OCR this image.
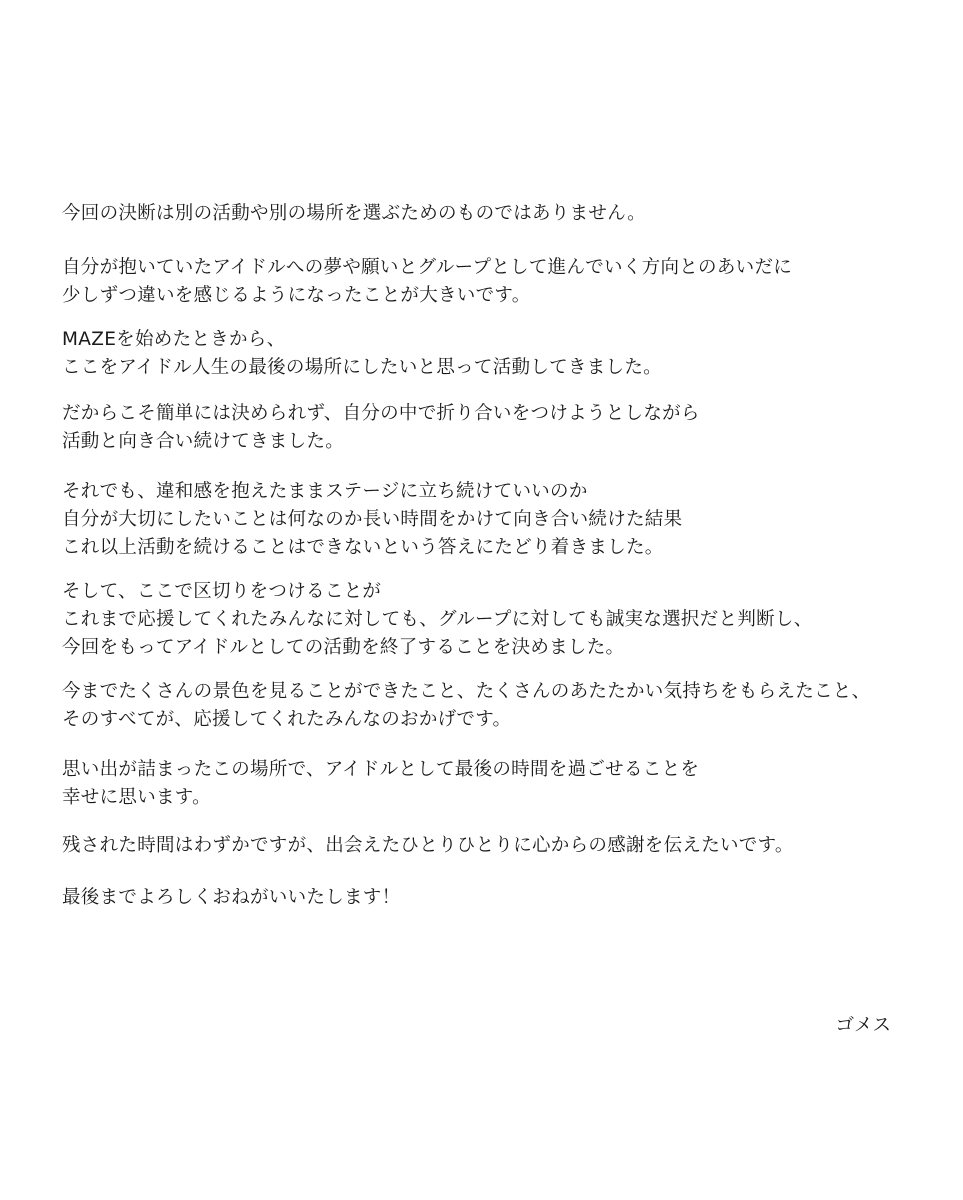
今回の決断は別の活動や別の場所を選ぶためのものではありません。

自分が抱いていたアイドルへの夢や願いとグループとして進んでいく方向とのあいだに
少しずつ違いを感じるようになったことが大きいです。

MAZEを始めたときから、
ここをアイドル人生の最後の場所にしたいと思って活動してきました。

だからこそ簡単には決められず、自分の中で折り合いをつけようとしながら
活動と向き合い続けてきました。

それでも、違和感を抱えたままステージに立ち続けていいのか
自分が大切にしたいことは何なのか長い時間をかけて向き合い続けた結果
これ以上活動を続けることはできないという答えにたどり着きました。

そして、ここで区切りをつけることが
これまで応援してくれたみんなに対しても、グループに対しても誠実な選択だと判断し、
今回をもってアイドルとしての活動を終了することを決めました。

今までたくさんの景色を見ることができたこと、たくさんのあたたかい気持ちをもらえたこと、
そのすべてが、応援してくれたみんなのおかげです。

思い出が詰まったこの場所で、アイドルとして最後の時間を過ごせることを
幸せに思います。

残された時間はわずかですが、出会えたひとりひとりに心からの感謝を伝えたいです。

最後までよろしくおねがいいたします！

ゴメス
